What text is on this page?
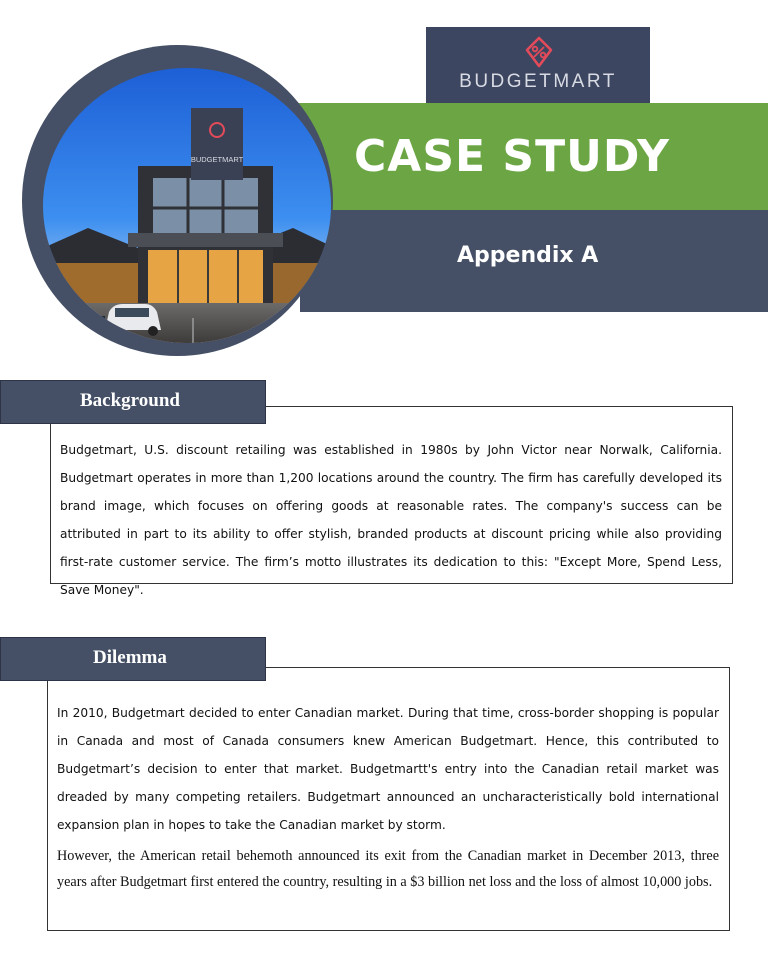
BUDGETMART
CASE STUDY
Appendix A
BUDGETMART

Budgetmart, U.S. discount retailing was established in 1980s by John Victor near Norwalk, California. Budgetmart operates in more than 1,200 locations around the country. The firm has carefully developed its brand image, which focuses on offering goods at reasonable rates. The company's success can be attributed in part to its ability to offer stylish, branded products at discount pricing while also providing first-rate customer service. The firm’s motto illustrates its dedication to this: "Except More, Spend Less, Save Money".

Background

In 2010, Budgetmart decided to enter Canadian market. During that time, cross-border shopping is popular in Canada and most of Canada consumers knew American Budgetmart. Hence, this contributed to Budgetmart’s decision to enter that market. Budgetmartt's entry into the Canadian retail market was dreaded by many competing retailers. Budgetmart announced an uncharacteristically bold international expansion plan in hopes to take the Canadian market by storm.

However, the American retail behemoth announced its exit from the Canadian market in December 2013, three years after Budgetmart first entered the country, resulting in a $3 billion net loss and the loss of almost 10,000 jobs.

Dilemma
